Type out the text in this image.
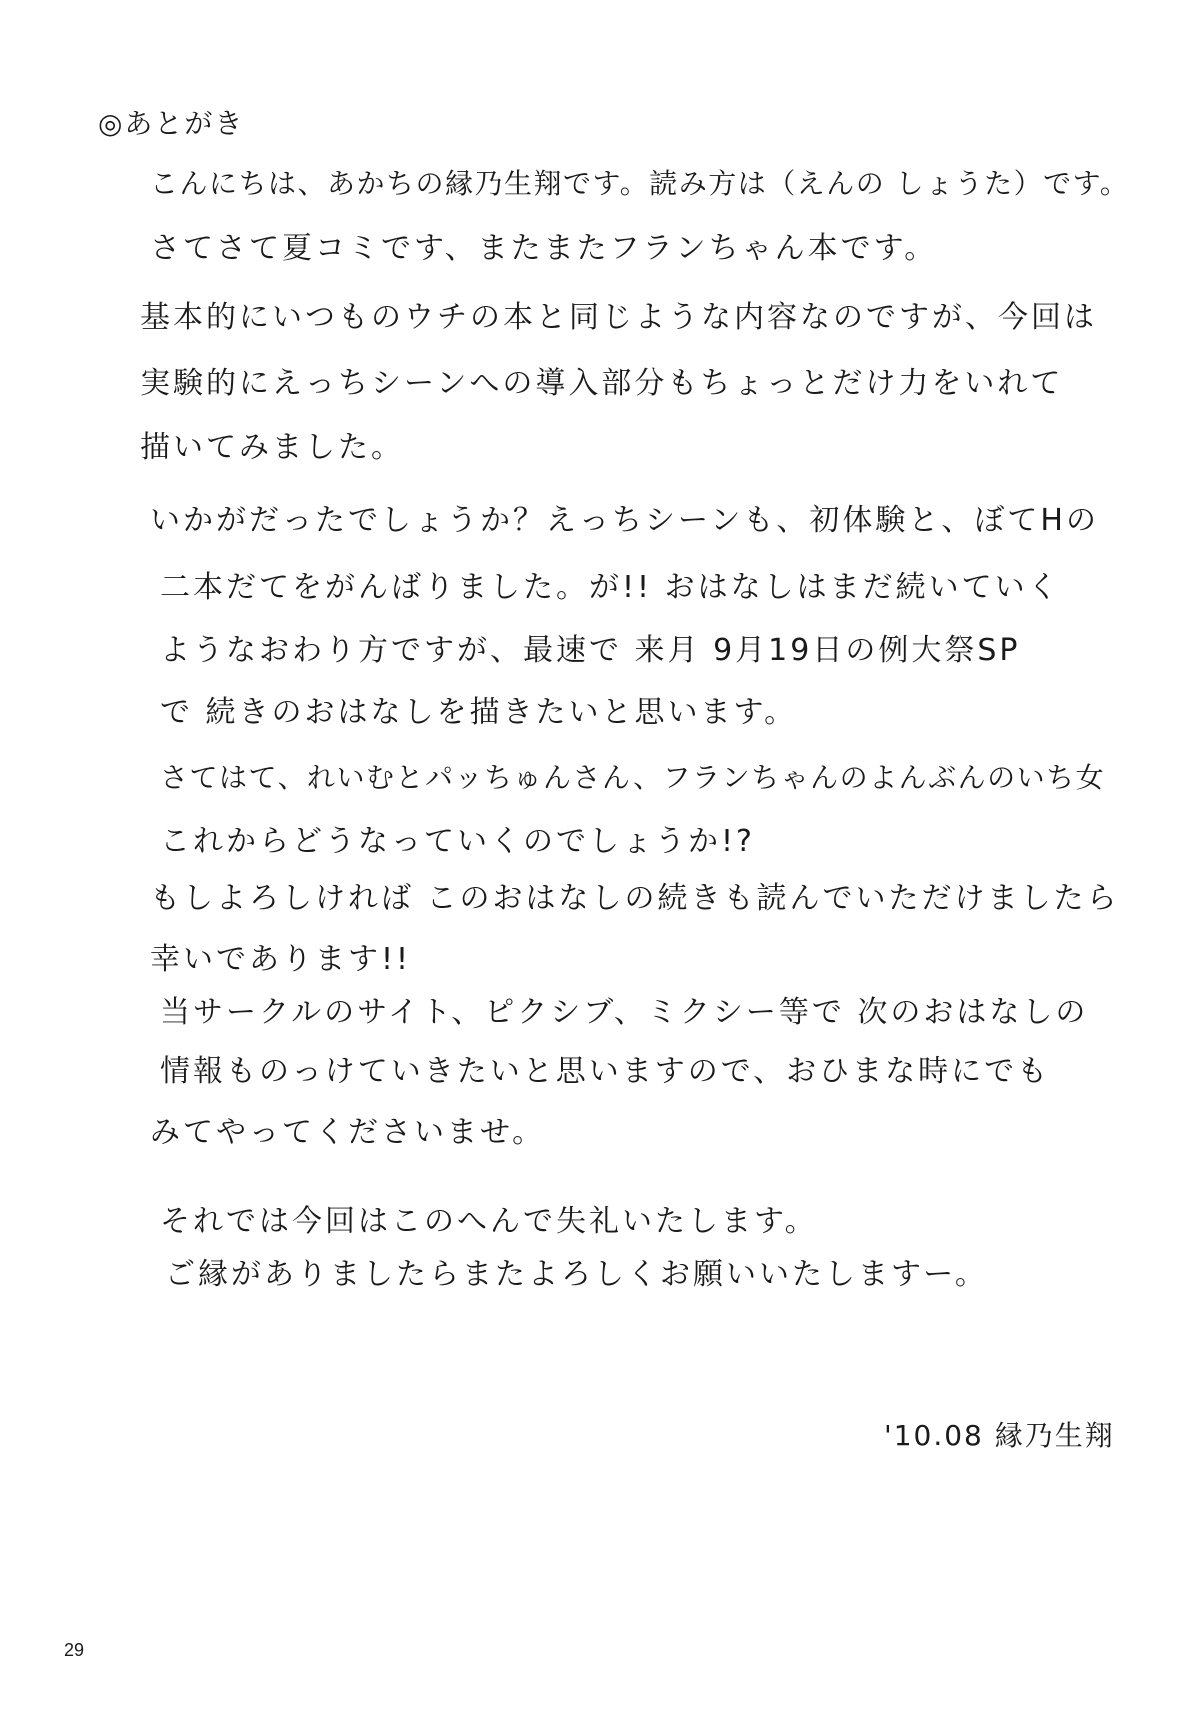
◎あとがき
こんにちは、あかちの縁乃生翔です。読み方は（えんの しょうた）です。
さてさて夏コミです、またまたフランちゃん本です。
基本的にいつものウチの本と同じような内容なのですが、今回は
実験的にえっちシーンへの導入部分もちょっとだけ力をいれて
描いてみました。
いかがだったでしょうか？えっちシーンも、初体験と、ぼてHの
二本だてをがんばりました。が!! おはなしはまだ続いていく
ようなおわり方ですが、最速で 来月 9月19日の例大祭SP
で 続きのおはなしを描きたいと思います。
さてはて、れいむとパッちゅんさん、フランちゃんのよんぶんのいち女
これからどうなっていくのでしょうか!?
もしよろしければ このおはなしの続きも読んでいただけましたら
幸いであります!!
当サークルのサイト、ピクシブ、ミクシー等で 次のおはなしの
情報ものっけていきたいと思いますので、おひまな時にでも
みてやってくださいませ。
それでは今回はこのへんで失礼いたします。
ご縁がありましたらまたよろしくお願いいたしますー。
'10.08 縁乃生翔
29
